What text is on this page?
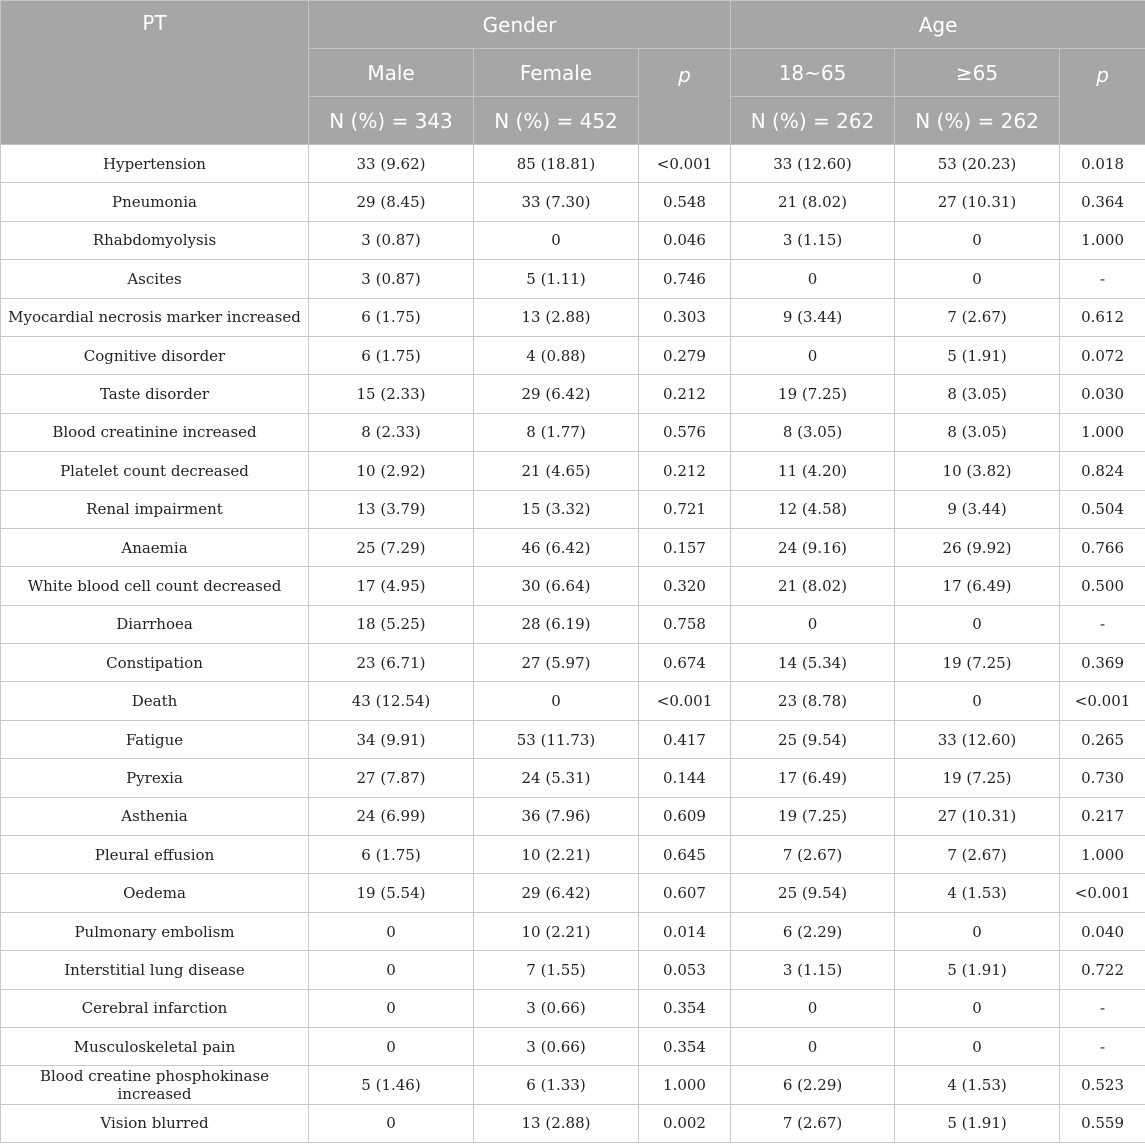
PT	Gender			Age		
	Male	Female	p	18~65	≥65	p
	N (%) = 343	N (%) = 452		N (%) = 262	N (%) = 262	
Hypertension	33 (9.62)	85 (18.81)	<0.001	33 (12.60)	53 (20.23)	0.018
Pneumonia	29 (8.45)	33 (7.30)	0.548	21 (8.02)	27 (10.31)	0.364
Rhabdomyolysis	3 (0.87)	0	0.046	3 (1.15)	0	1.000
Ascites	3 (0.87)	5 (1.11)	0.746	0	0	-
Myocardial necrosis marker increased	6 (1.75)	13 (2.88)	0.303	9 (3.44)	7 (2.67)	0.612
Cognitive disorder	6 (1.75)	4 (0.88)	0.279	0	5 (1.91)	0.072
Taste disorder	15 (2.33)	29 (6.42)	0.212	19 (7.25)	8 (3.05)	0.030
Blood creatinine increased	8 (2.33)	8 (1.77)	0.576	8 (3.05)	8 (3.05)	1.000
Platelet count decreased	10 (2.92)	21 (4.65)	0.212	11 (4.20)	10 (3.82)	0.824
Renal impairment	13 (3.79)	15 (3.32)	0.721	12 (4.58)	9 (3.44)	0.504
Anaemia	25 (7.29)	46 (6.42)	0.157	24 (9.16)	26 (9.92)	0.766
White blood cell count decreased	17 (4.95)	30 (6.64)	0.320	21 (8.02)	17 (6.49)	0.500
Diarrhoea	18 (5.25)	28 (6.19)	0.758	0	0	-
Constipation	23 (6.71)	27 (5.97)	0.674	14 (5.34)	19 (7.25)	0.369
Death	43 (12.54)	0	<0.001	23 (8.78)	0	<0.001
Fatigue	34 (9.91)	53 (11.73)	0.417	25 (9.54)	33 (12.60)	0.265
Pyrexia	27 (7.87)	24 (5.31)	0.144	17 (6.49)	19 (7.25)	0.730
Asthenia	24 (6.99)	36 (7.96)	0.609	19 (7.25)	27 (10.31)	0.217
Pleural effusion	6 (1.75)	10 (2.21)	0.645	7 (2.67)	7 (2.67)	1.000
Oedema	19 (5.54)	29 (6.42)	0.607	25 (9.54)	4 (1.53)	<0.001
Pulmonary embolism	0	10 (2.21)	0.014	6 (2.29)	0	0.040
Interstitial lung disease	0	7 (1.55)	0.053	3 (1.15)	5 (1.91)	0.722
Cerebral infarction	0	3 (0.66)	0.354	0	0	-
Musculoskeletal pain	0	3 (0.66)	0.354	0	0	-
Blood creatine phosphokinase increased	5 (1.46)	6 (1.33)	1.000	6 (2.29)	4 (1.53)	0.523
Vision blurred	0	13 (2.88)	0.002	7 (2.67)	5 (1.91)	0.559
